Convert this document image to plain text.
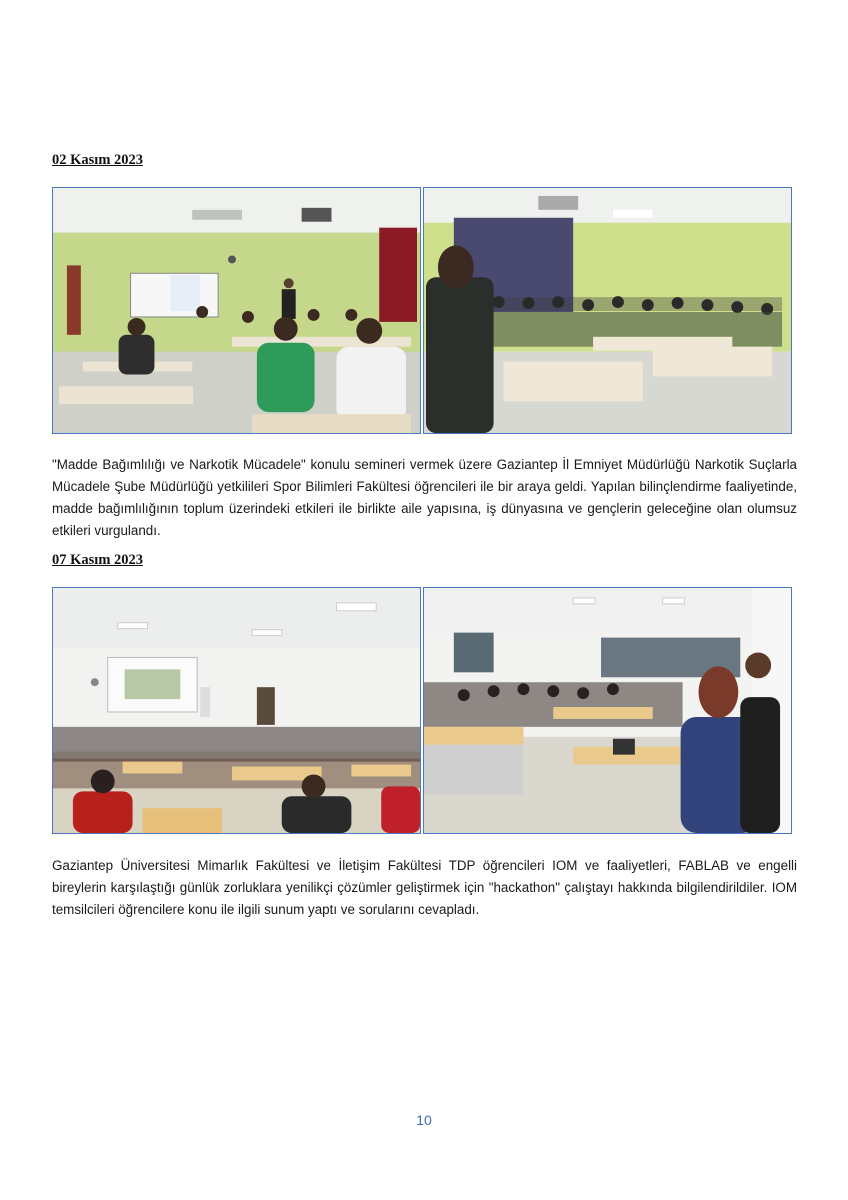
02 Kasım 2023
"Madde Bağımlılığı ve Narkotik Mücadele" konulu semineri vermek üzere Gaziantep İl Emniyet Müdürlüğü Narkotik Suçlarla Mücadele Şube Müdürlüğü yetkilileri Spor Bilimleri Fakültesi öğrencileri ile bir araya geldi. Yapılan bilinçlendirme faaliyetinde, madde bağımlılığının toplum üzerindeki etkileri ile birlikte aile yapısına, iş dünyasına ve gençlerin geleceğine olan olumsuz etkileri vurgulandı.
07 Kasım 2023
Gaziantep Üniversitesi Mimarlık Fakültesi ve İletişim Fakültesi TDP öğrencileri IOM ve faaliyetleri, FABLAB ve engelli bireylerin karşılaştığı günlük zorluklara yenilikçi çözümler geliştirmek için "hackathon" çalıştayı hakkında bilgilendirildiler. IOM temsilcileri öğrencilere konu ile ilgili sunum yaptı ve sorularını cevapladı.
10
